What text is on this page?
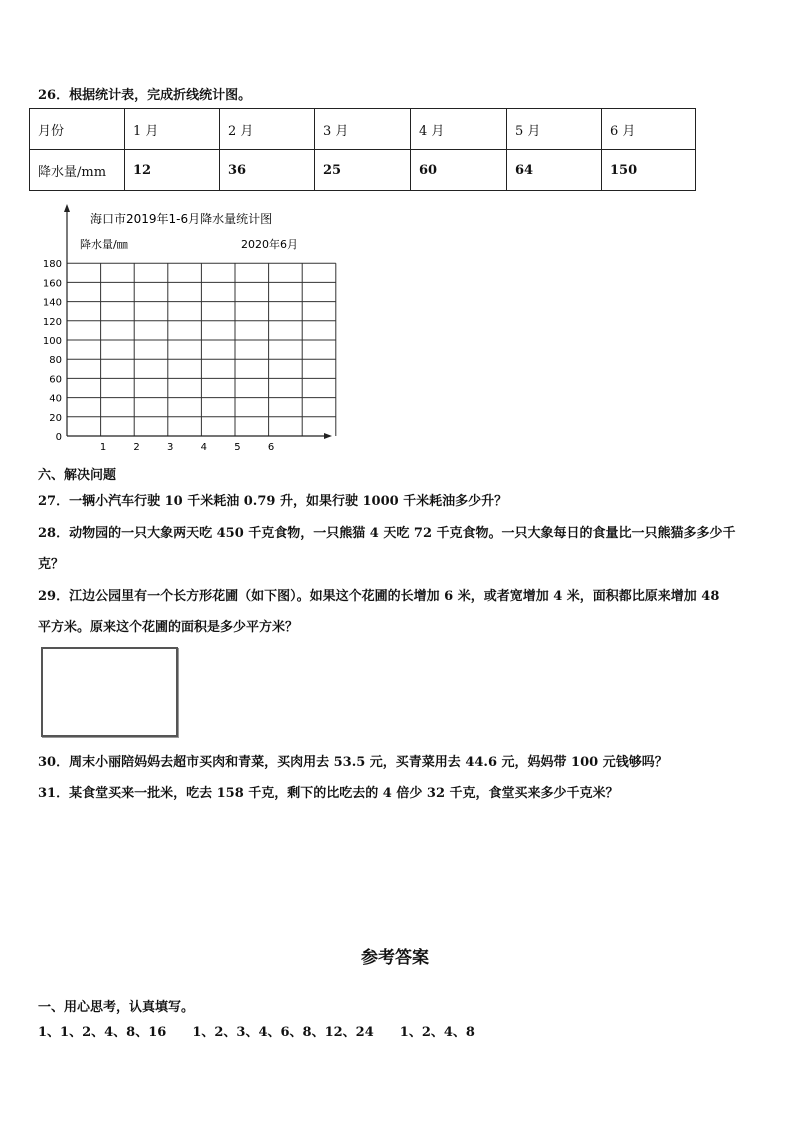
26．根据统计表，完成折线统计图。
月份	1 月	2 月	3 月	4 月	5 月	6 月
降水量/mm	12	36	25	60	64	150
海口市2019年1-6月降水量统计图
降水量/㎜	2020年6月
0
20
40
60
80
100
120
140
160
180
1	2	3	4	5	6
六、解决问题
27．一辆小汽车行驶 10 千米耗油 0.79 升，如果行驶 1000 千米耗油多少升？
28．动物园的一只大象两天吃 450 千克食物，一只熊猫 4 天吃 72 千克食物。一只大象每日的食量比一只熊猫多多少千
克？
29．江边公园里有一个长方形花圃（如下图）。如果这个花圃的长增加 6 米，或者宽增加 4 米，面积都比原来增加 48
平方米。原来这个花圃的面积是多少平方米？
30．周末小丽陪妈妈去超市买肉和青菜，买肉用去 53.5 元，买青菜用去 44.6 元，妈妈带 100 元钱够吗？
31．某食堂买来一批米，吃去 158 千克，剩下的比吃去的 4 倍少 32 千克，食堂买来多少千克米？
参考答案
一、用心思考，认真填写。
1、1、2、4、8、16　　1、2、3、4、6、8、12、24　　1、2、4、8
